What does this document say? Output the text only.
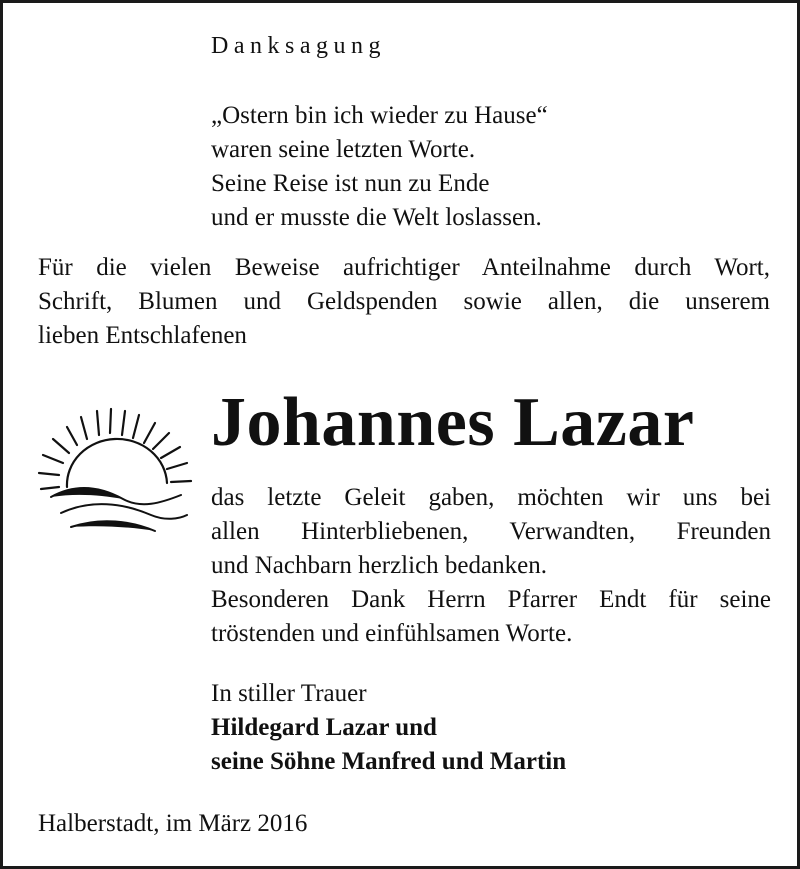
Danksagung
„Ostern bin ich wieder zu Hause“
waren seine letzten Worte.
Seine Reise ist nun zu Ende
und er musste die Welt loslassen.
Für die vielen Beweise aufrichtiger Anteilnahme durch Wort,
Schrift, Blumen und Geldspenden sowie allen, die unserem
lieben Entschlafenen
Johannes Lazar
das letzte Geleit gaben, möchten wir uns bei
allen Hinterbliebenen, Verwandten, Freunden
und Nachbarn herzlich bedanken.
Besonderen Dank Herrn Pfarrer Endt für seine
tröstenden und einfühlsamen Worte.
In stiller Trauer
Hildegard Lazar und
seine Söhne Manfred und Martin
Halberstadt, im März 2016
